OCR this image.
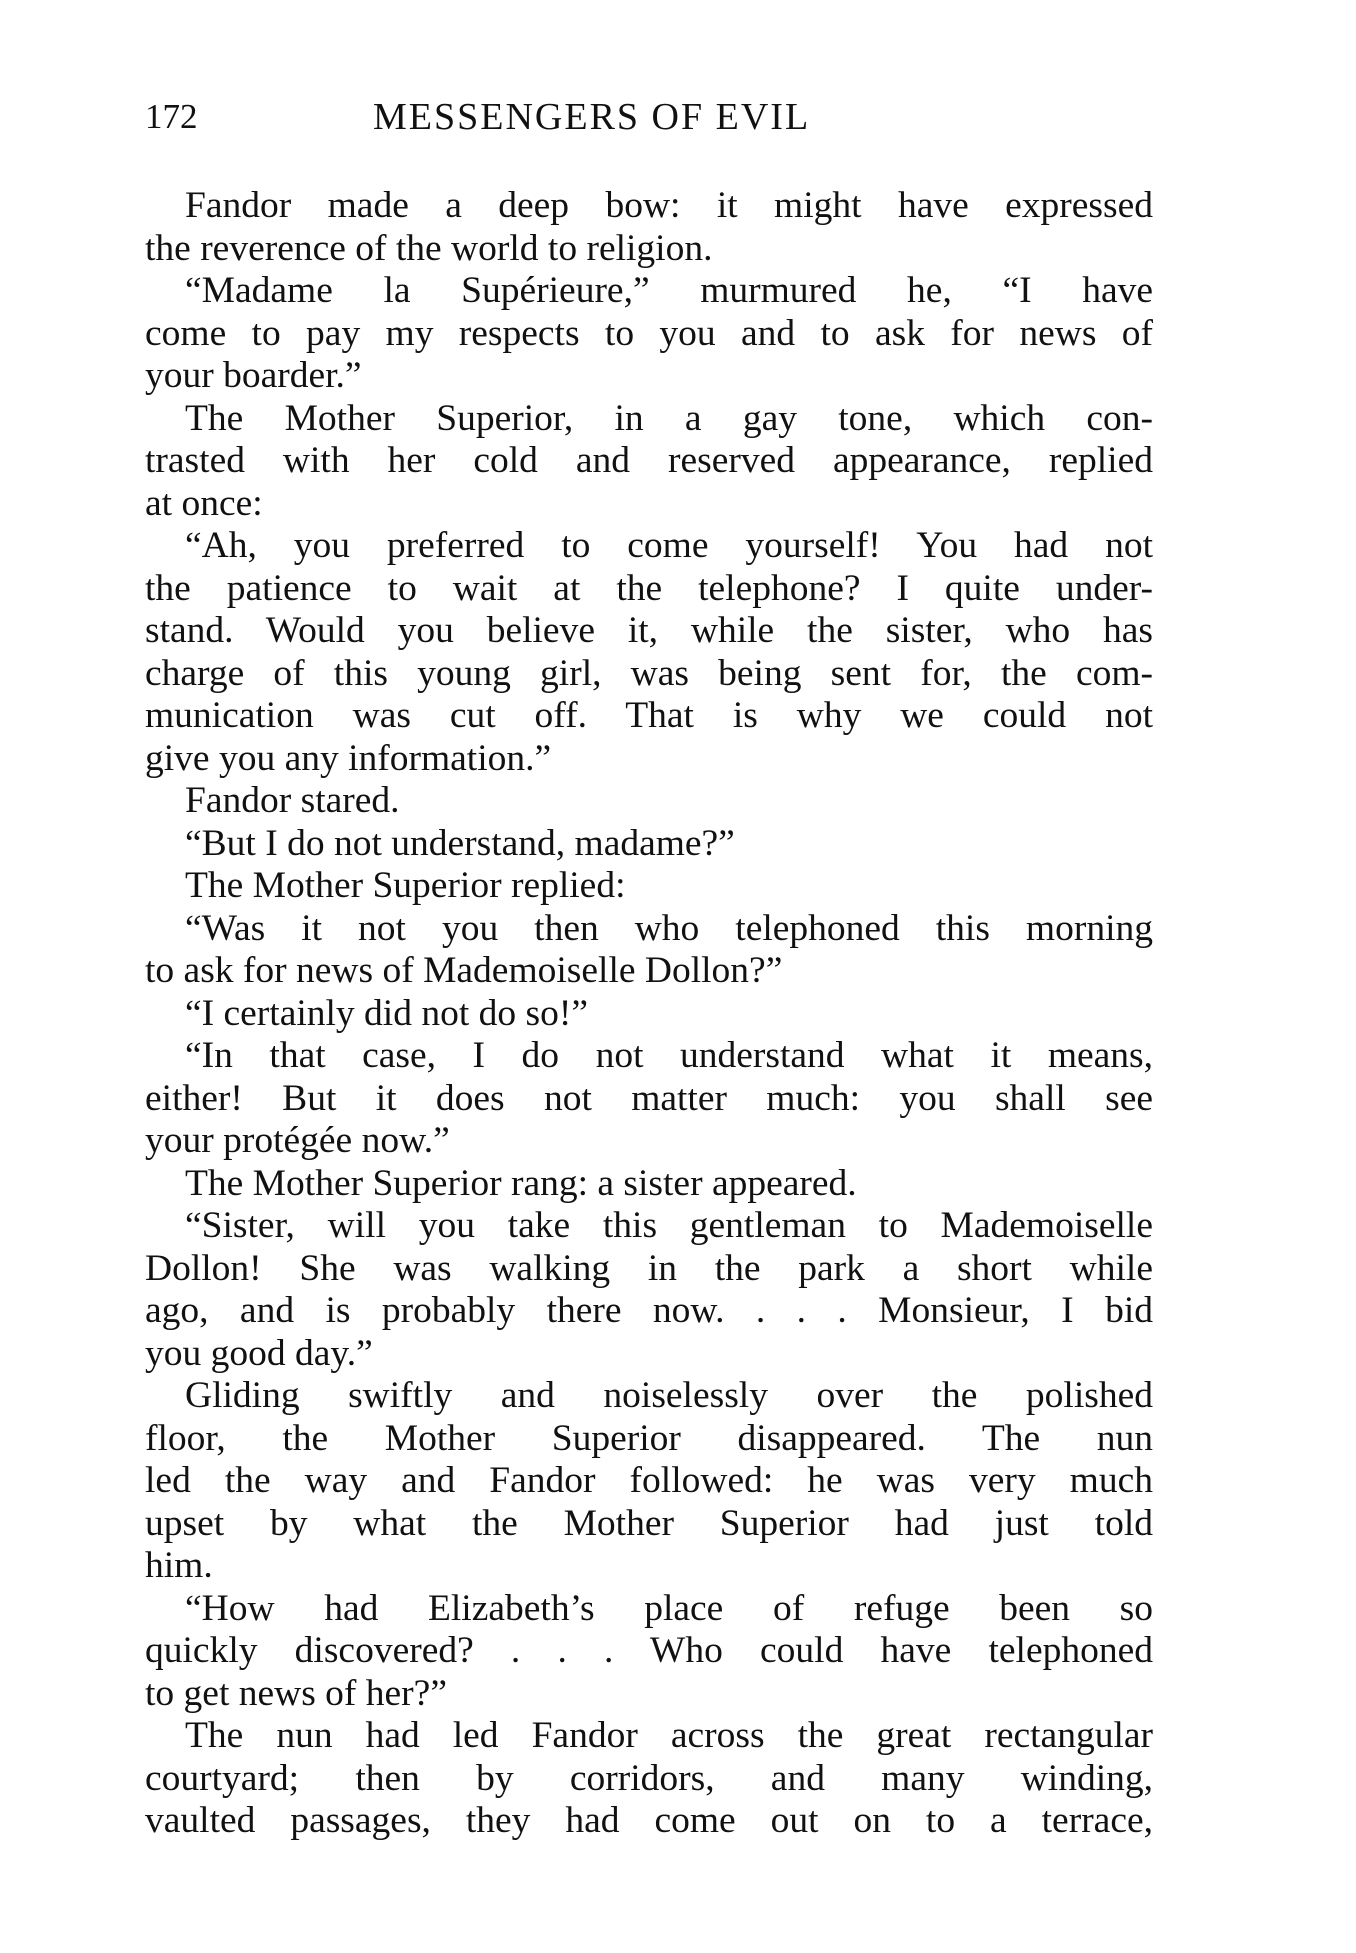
172	MESSENGERS OF EVIL
Fandor made a deep bow: it might have expressed
the reverence of the world to religion.
“Madame la Supérieure,” murmured he, “I have
come to pay my respects to you and to ask for news of
your boarder.”
The Mother Superior, in a gay tone, which con-
trasted with her cold and reserved appearance, replied
at once:
“Ah, you preferred to come yourself! You had not
the patience to wait at the telephone? I quite under-
stand. Would you believe it, while the sister, who has
charge of this young girl, was being sent for, the com-
munication was cut off. That is why we could not
give you any information.”
Fandor stared.
“But I do not understand, madame?”
The Mother Superior replied:
“Was it not you then who telephoned this morning
to ask for news of Mademoiselle Dollon?”
“I certainly did not do so!”
“In that case, I do not understand what it means,
either! But it does not matter much: you shall see
your protégée now.”
The Mother Superior rang: a sister appeared.
“Sister, will you take this gentleman to Mademoiselle
Dollon! She was walking in the park a short while
ago, and is probably there now. . . . Monsieur, I bid
you good day.”
Gliding swiftly and noiselessly over the polished
floor, the Mother Superior disappeared. The nun
led the way and Fandor followed: he was very much
upset by what the Mother Superior had just told
him.
“How had Elizabeth’s place of refuge been so
quickly discovered? . . . Who could have telephoned
to get news of her?”
The nun had led Fandor across the great rectangular
courtyard; then by corridors, and many winding,
vaulted passages, they had come out on to a terrace,
